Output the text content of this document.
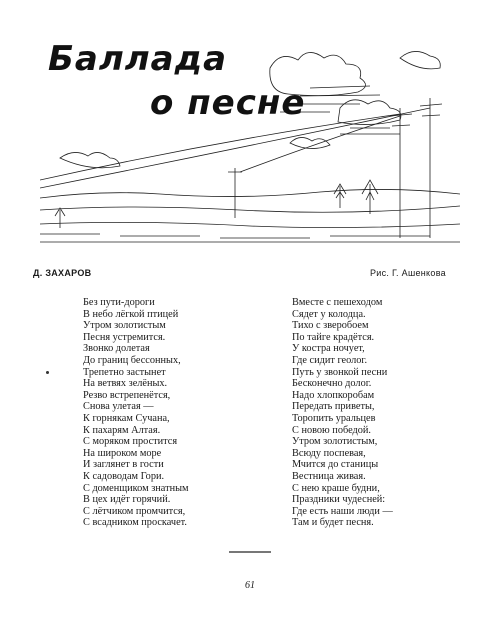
Баллада
о песне
Д. ЗАХАРОВ	Рис. Г. Ашенкова
Без пути-дороги
В небо лёгкой птицей
Утром золотистым
Песня устремится.
Звонко долетая
До границ бессонных,
Трепетно застынет
На ветвях зелёных.
Резво встрепенётся,
Снова улетая —
К горнякам Сучана,
К пахарям Алтая.
С моряком простится
На широком море
И заглянет в гости
К садоводам Гори.
С доменщиком знатным
В цех идёт горячий.
С лётчиком промчится,
С всадником проскачет.
Вместе с пешеходом
Сядет у колодца.
Тихо с зверобоем
По тайге крадётся.
У костра ночует,
Где сидит геолог.
Путь у звонкой песни
Бесконечно долог.
Надо хлопкоробам
Передать приветы,
Торопить уральцев
С новою победой.
Утром золотистым,
Всюду поспевая,
Мчится до станицы
Вестница живая.
С нею краше будни,
Праздники чудесней:
Где есть наши люди —
Там и будет песня.
61
